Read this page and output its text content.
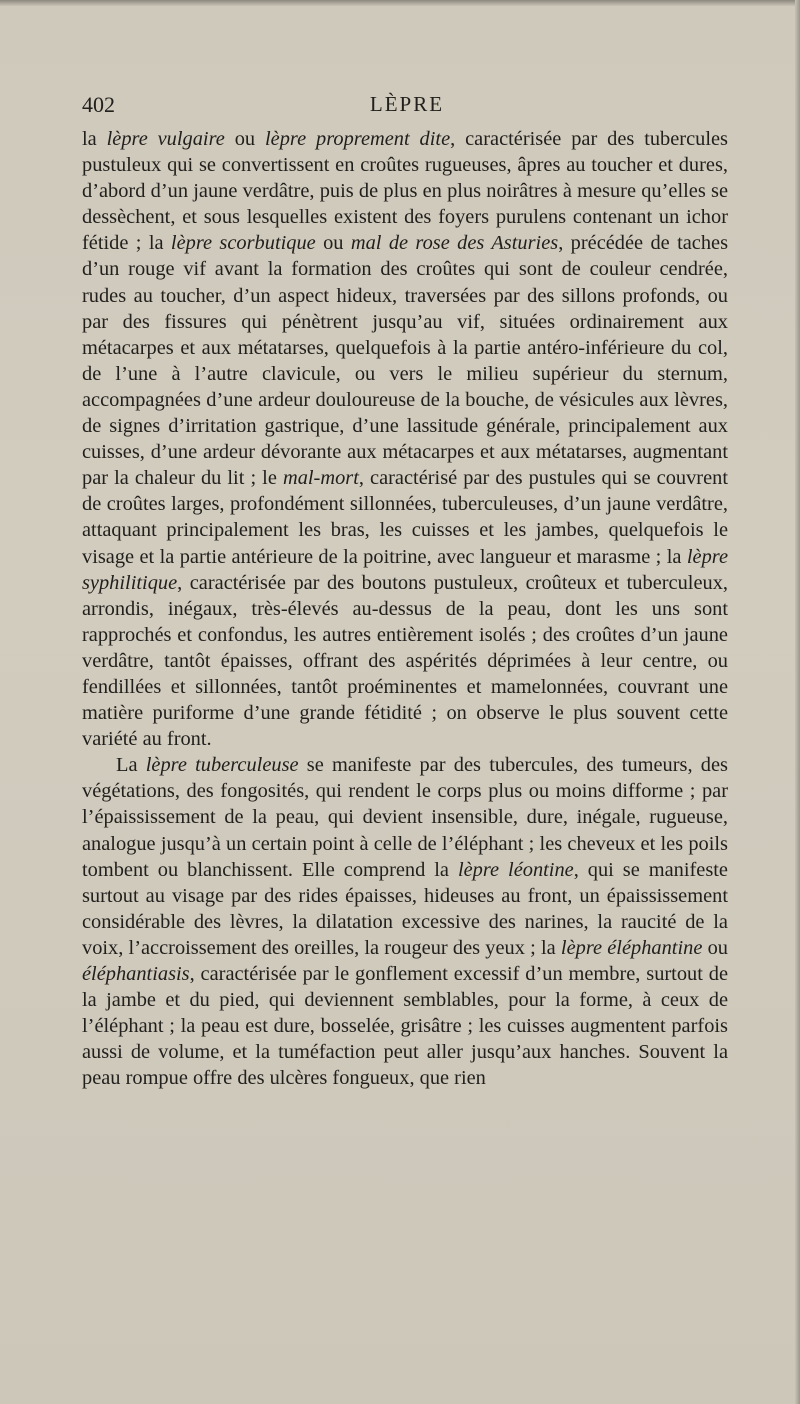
402	LÈPRE

la lèpre vulgaire ou lèpre proprement dite, caractérisée par des tubercules pustuleux qui se convertissent en croûtes rugueuses, âpres au toucher et dures, d’abord d’un jaune verdâtre, puis de plus en plus noirâtres à mesure qu’elles se dessèchent, et sous lesquelles existent des foyers purulens contenant un ichor fétide ; la lèpre scorbutique ou mal de rose des Asturies, précédée de taches d’un rouge vif avant la formation des croûtes qui sont de couleur cendrée, rudes au toucher, d’un aspect hideux, traversées par des sillons profonds, ou par des fissures qui pénètrent jusqu’au vif, situées ordinairement aux métacarpes et aux métatarses, quelquefois à la partie antéro-inférieure du col, de l’une à l’autre clavicule, ou vers le milieu supérieur du sternum, accompagnées d’une ardeur douloureuse de la bouche, de vésicules aux lèvres, de signes d’irritation gastrique, d’une lassitude générale, principalement aux cuisses, d’une ardeur dévorante aux métacarpes et aux métatarses, augmentant par la chaleur du lit ; le mal-mort, caractérisé par des pustules qui se couvrent de croûtes larges, profondément sillonnées, tuberculeuses, d’un jaune verdâtre, attaquant principalement les bras, les cuisses et les jambes, quelquefois le visage et la partie antérieure de la poitrine, avec langueur et marasme ; la lèpre syphilitique, caractérisée par des boutons pustuleux, croûteux et tuberculeux, arrondis, inégaux, très-élevés au-dessus de la peau, dont les uns sont rapprochés et confondus, les autres entièrement isolés ; des croûtes d’un jaune verdâtre, tantôt épaisses, offrant des aspérités déprimées à leur centre, ou fendillées et sillonnées, tantôt proéminentes et mamelonnées, couvrant une matière puriforme d’une grande fétidité ; on observe le plus souvent cette variété au front.

La lèpre tuberculeuse se manifeste par des tubercules, des tumeurs, des végétations, des fongosités, qui rendent le corps plus ou moins difforme ; par l’épaississement de la peau, qui devient insensible, dure, inégale, rugueuse, analogue jusqu’à un certain point à celle de l’éléphant ; les cheveux et les poils tombent ou blanchissent. Elle comprend la lèpre léontine, qui se manifeste surtout au visage par des rides épaisses, hideuses au front, un épaississement considérable des lèvres, la dilatation excessive des narines, la raucité de la voix, l’accroissement des oreilles, la rougeur des yeux ; la lèpre éléphantine ou éléphantiasis, caractérisée par le gonflement excessif d’un membre, surtout de la jambe et du pied, qui deviennent semblables, pour la forme, à ceux de l’éléphant ; la peau est dure, bosselée, grisâtre ; les cuisses augmentent parfois aussi de volume, et la tuméfaction peut aller jusqu’aux hanches. Souvent la peau rompue offre des ulcères fongueux, que rien
